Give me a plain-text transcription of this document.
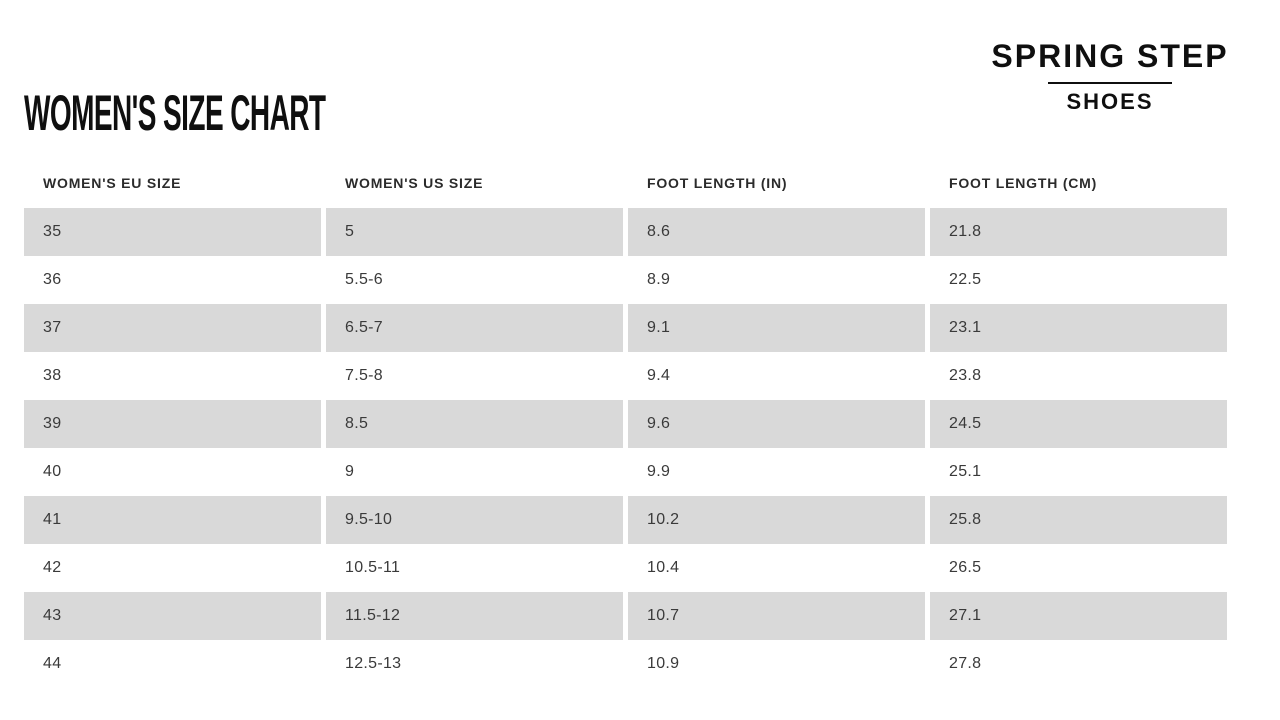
WOMEN'S SIZE CHART
SPRING STEP
SHOES
WOMEN'S EU SIZE	WOMEN'S US SIZE	FOOT LENGTH (IN)	FOOT LENGTH (CM)
35	5	8.6	21.8
36	5.5-6	8.9	22.5
37	6.5-7	9.1	23.1
38	7.5-8	9.4	23.8
39	8.5	9.6	24.5
40	9	9.9	25.1
41	9.5-10	10.2	25.8
42	10.5-11	10.4	26.5
43	11.5-12	10.7	27.1
44	12.5-13	10.9	27.8
